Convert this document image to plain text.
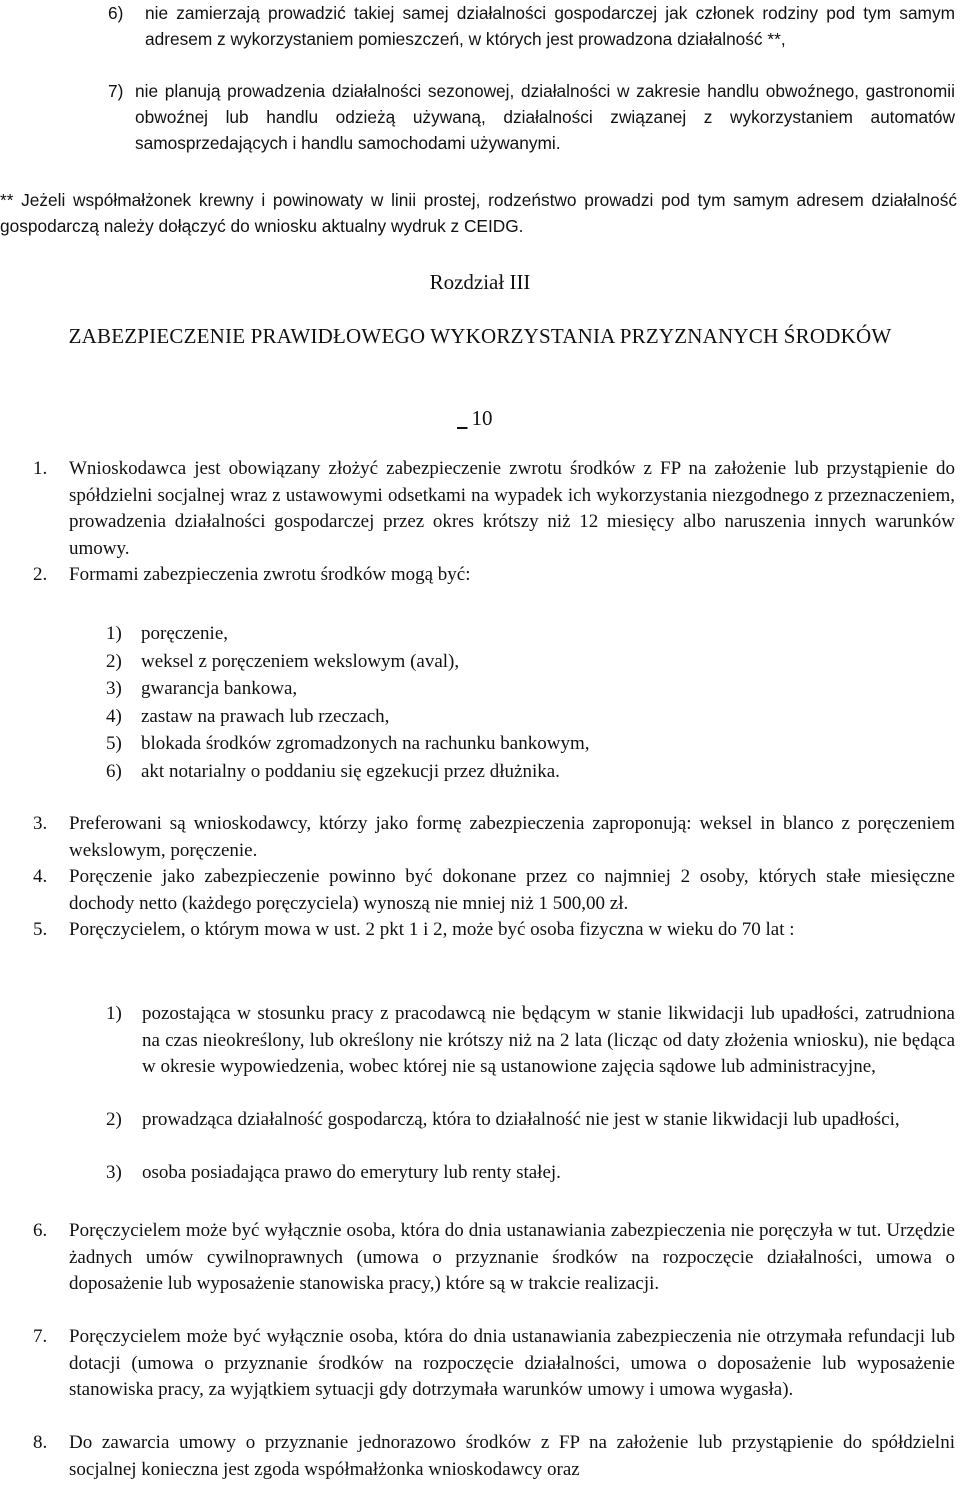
6) nie zamierzają prowadzić takiej samej działalności gospodarczej jak członek rodziny pod tym samym adresem z wykorzystaniem pomieszczeń, w których jest prowadzona działalność **,
7) nie planują prowadzenia działalności sezonowej, działalności w zakresie handlu obwoźnego, gastronomii obwoźnej lub handlu odzieżą używaną, działalności związanej z wykorzystaniem automatów samosprzedających i handlu samochodami używanymi.
** Jeżeli współmałżonek krewny i powinowaty w linii prostej, rodzeństwo prowadzi pod tym samym adresem działalność gospodarczą należy dołączyć do wniosku aktualny wydruk z CEIDG.
Rozdział III
ZABEZPIECZENIE PRAWIDŁOWEGO WYKORZYSTANIA PRZYZNANYCH ŚRODKÓW
10
1. Wnioskodawca jest obowiązany złożyć zabezpieczenie zwrotu środków z FP na założenie lub przystąpienie do spółdzielni socjalnej wraz z ustawowymi odsetkami na wypadek ich wykorzystania niezgodnego z przeznaczeniem, prowadzenia działalności gospodarczej przez okres krótszy niż 12 miesięcy albo naruszenia innych warunków umowy.
2. Formami zabezpieczenia zwrotu środków mogą być:
1) poręczenie,
2) weksel z poręczeniem wekslowym (aval),
3) gwarancja bankowa,
4) zastaw na prawach lub rzeczach,
5) blokada środków zgromadzonych na rachunku bankowym,
6) akt notarialny o poddaniu się egzekucji przez dłużnika.
3. Preferowani są wnioskodawcy, którzy jako formę zabezpieczenia zaproponują: weksel in blanco z poręczeniem wekslowym, poręczenie.
4. Poręczenie jako zabezpieczenie powinno być dokonane przez co najmniej 2 osoby, których stałe miesięczne dochody netto (każdego poręczyciela) wynoszą nie mniej niż 1 500,00 zł.
5. Poręczycielem, o którym mowa w ust. 2 pkt 1 i 2, może być osoba fizyczna w wieku do 70 lat :
1) pozostająca w stosunku pracy z pracodawcą nie będącym w stanie likwidacji lub upadłości, zatrudniona na czas nieokreślony, lub określony nie krótszy niż na 2 lata (licząc od daty złożenia wniosku), nie będąca w okresie wypowiedzenia, wobec której nie są ustanowione zajęcia sądowe lub administracyjne,
2) prowadząca działalność gospodarczą, która to działalność nie jest w stanie likwidacji lub upadłości,
3) osoba posiadająca prawo do emerytury lub renty stałej.
6. Poręczycielem może być wyłącznie osoba, która do dnia ustanawiania zabezpieczenia nie poręczyła w tut. Urzędzie żadnych umów cywilnoprawnych (umowa o przyznanie środków na rozpoczęcie działalności, umowa o doposażenie lub wyposażenie stanowiska pracy,) które są w trakcie realizacji.
7. Poręczycielem może być wyłącznie osoba, która do dnia ustanawiania zabezpieczenia nie otrzymała refundacji lub dotacji (umowa o przyznanie środków na rozpoczęcie działalności, umowa o doposażenie lub wyposażenie stanowiska pracy, za wyjątkiem sytuacji gdy dotrzymała warunków umowy i umowa wygasła).
8. Do zawarcia umowy o przyznanie jednorazowo środków z FP na założenie lub przystąpienie do spółdzielni socjalnej konieczna jest zgoda współmałżonka wnioskodawcy oraz
